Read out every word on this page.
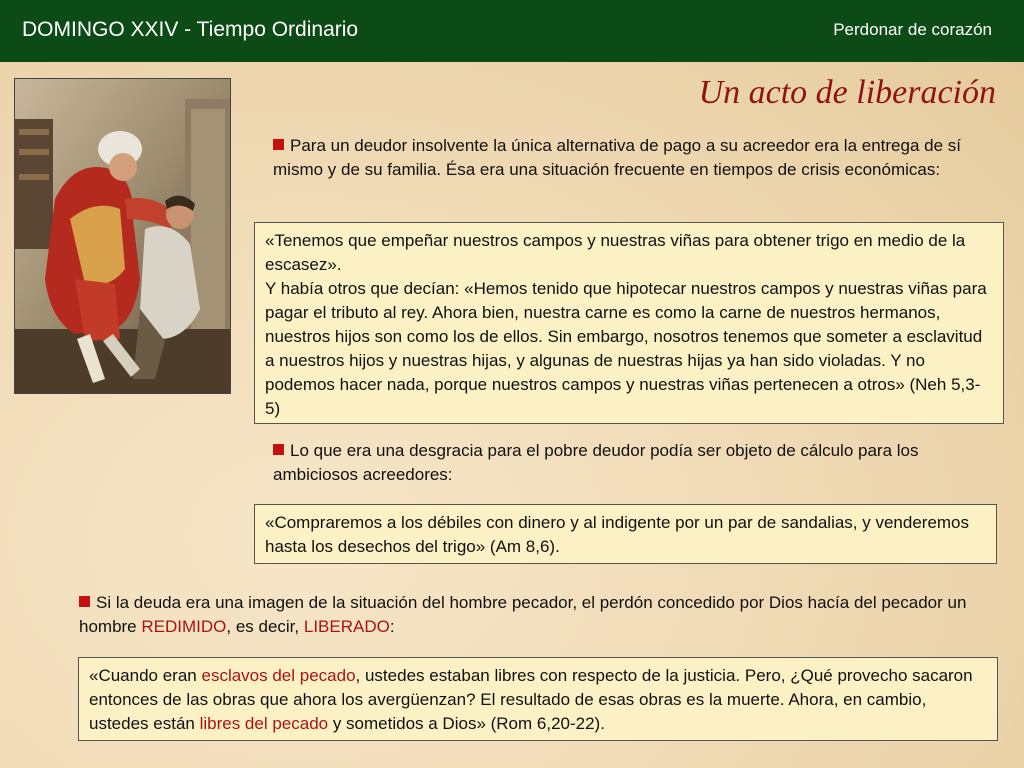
DOMINGO XXIV - Tiempo Ordinario	Perdonar de corazón
Un acto de liberación
Para un deudor insolvente la única alternativa de pago a su acreedor era la entrega de sí mismo y de su familia. Ésa era una situación frecuente en tiempos de crisis económicas:
«Tenemos que empeñar nuestros campos y nuestras viñas para obtener trigo en medio de la escasez».
Y había otros que decían: «Hemos tenido que hipotecar nuestros campos y nuestras viñas para pagar el tributo al rey. Ahora bien, nuestra carne es como la carne de nuestros hermanos, nuestros hijos son como los de ellos. Sin embargo, nosotros tenemos que someter a esclavitud a nuestros hijos y nuestras hijas, y algunas de nuestras hijas ya han sido violadas. Y no podemos hacer nada, porque nuestros campos y nuestras viñas pertenecen a otros» (Neh 5,3-5)
Lo que era una desgracia para el pobre deudor podía ser objeto de cálculo para los ambiciosos acreedores:
«Compraremos a los débiles con dinero y al indigente por un par de sandalias, y venderemos hasta los desechos del trigo» (Am 8,6).
Si la deuda era una imagen de la situación del hombre pecador, el perdón concedido por Dios hacía del pecador un hombre REDIMIDO, es decir, LIBERADO:
«Cuando eran esclavos del pecado, ustedes estaban libres con respecto de la justicia. Pero, ¿Qué provecho sacaron entonces de las obras que ahora los avergüenzan? El resultado de esas obras es la muerte. Ahora, en cambio, ustedes están libres del pecado y sometidos a Dios» (Rom 6,20-22).
